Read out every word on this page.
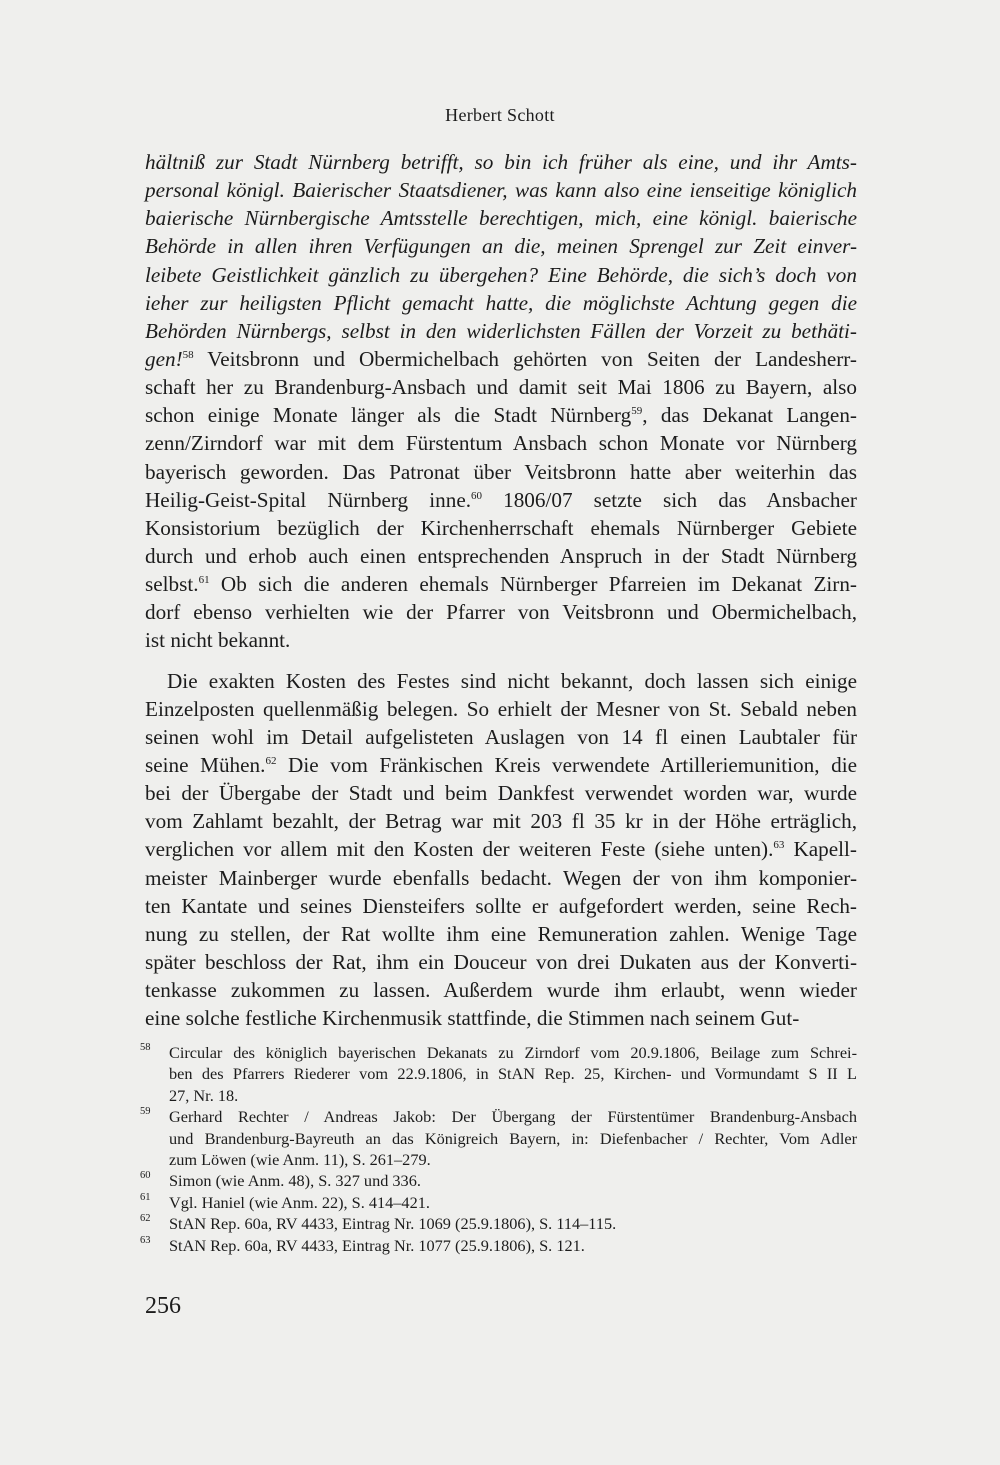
Herbert Schott
hältniß zur Stadt Nürnberg betrifft, so bin ich früher als eine, und ihr Amts-
personal königl. Baierischer Staatsdiener, was kann also eine ienseitige königlich
baierische Nürnbergische Amtsstelle berechtigen, mich, eine königl. baierische
Behörde in allen ihren Verfügungen an die, meinen Sprengel zur Zeit einver-
leibete Geistlichkeit gänzlich zu übergehen? Eine Behörde, die sich’s doch von
ieher zur heiligsten Pflicht gemacht hatte, die möglichste Achtung gegen die
Behörden Nürnbergs, selbst in den widerlichsten Fällen der Vorzeit zu bethäti-
gen!$^{58}$ Veitsbronn und Obermichelbach gehörten von Seiten der Landesherr-
schaft her zu Brandenburg-Ansbach und damit seit Mai 1806 zu Bayern, also
schon einige Monate länger als die Stadt Nürnberg$^{59}$, das Dekanat Langen-
zenn/Zirndorf war mit dem Fürstentum Ansbach schon Monate vor Nürnberg
bayerisch geworden. Das Patronat über Veitsbronn hatte aber weiterhin das
Heilig-Geist-Spital Nürnberg inne.$^{60}$ 1806/07 setzte sich das Ansbacher
Konsistorium bezüglich der Kirchenherrschaft ehemals Nürnberger Gebiete
durch und erhob auch einen entsprechenden Anspruch in der Stadt Nürnberg
selbst.$^{61}$ Ob sich die anderen ehemals Nürnberger Pfarreien im Dekanat Zirn-
dorf ebenso verhielten wie der Pfarrer von Veitsbronn und Obermichelbach,
ist nicht bekannt.
Die exakten Kosten des Festes sind nicht bekannt, doch lassen sich einige
Einzelposten quellenmäßig belegen. So erhielt der Mesner von St. Sebald neben
seinen wohl im Detail aufgelisteten Auslagen von 14 fl einen Laubtaler für
seine Mühen.$^{62}$ Die vom Fränkischen Kreis verwendete Artilleriemunition, die
bei der Übergabe der Stadt und beim Dankfest verwendet worden war, wurde
vom Zahlamt bezahlt, der Betrag war mit 203 fl 35 kr in der Höhe erträglich,
verglichen vor allem mit den Kosten der weiteren Feste (siehe unten).$^{63}$ Kapell-
meister Mainberger wurde ebenfalls bedacht. Wegen der von ihm komponier-
ten Kantate und seines Diensteifers sollte er aufgefordert werden, seine Rech-
nung zu stellen, der Rat wollte ihm eine Remuneration zahlen. Wenige Tage
später beschloss der Rat, ihm ein Douceur von drei Dukaten aus der Konverti-
tenkasse zukommen zu lassen. Außerdem wurde ihm erlaubt, wenn wieder
eine solche festliche Kirchenmusik stattfinde, die Stimmen nach seinem Gut-
58	Circular des königlich bayerischen Dekanats zu Zirndorf vom 20.9.1806, Beilage zum Schrei-
ben des Pfarrers Riederer vom 22.9.1806, in StAN Rep. 25, Kirchen- und Vormundamt S II L
27, Nr. 18.
59	Gerhard Rechter / Andreas Jakob: Der Übergang der Fürstentümer Brandenburg-Ansbach
und Brandenburg-Bayreuth an das Königreich Bayern, in: Diefenbacher / Rechter, Vom Adler
zum Löwen (wie Anm. 11), S. 261–279.
60	Simon (wie Anm. 48), S. 327 und 336.
61	Vgl. Haniel (wie Anm. 22), S. 414–421.
62	StAN Rep. 60a, RV 4433, Eintrag Nr. 1069 (25.9.1806), S. 114–115.
63	StAN Rep. 60a, RV 4433, Eintrag Nr. 1077 (25.9.1806), S. 121.
256
